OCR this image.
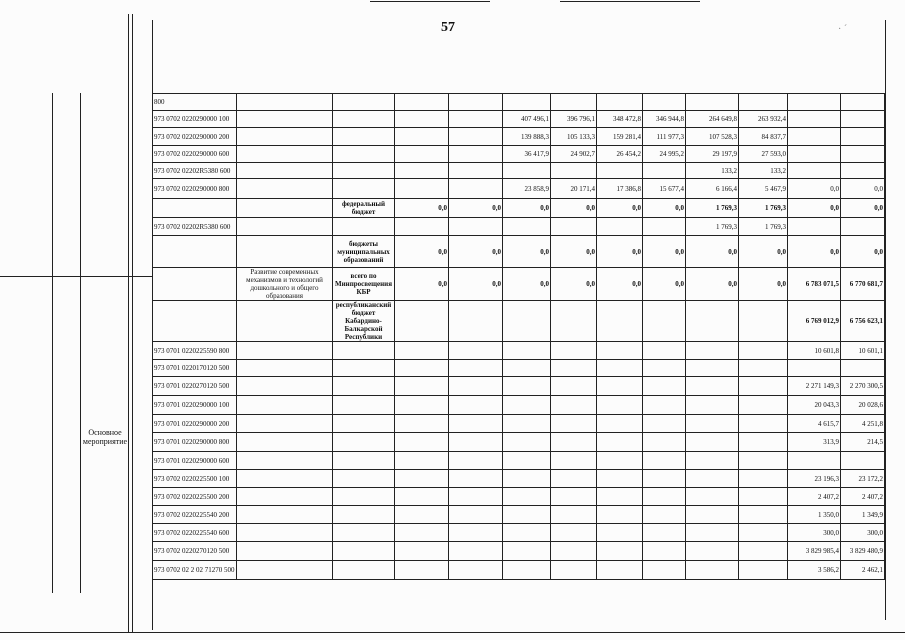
57
Основное мероприятие
· ´
800												
973 0702 0220290000 100					407 496,1	396 796,1	348 472,8	346 944,8	264 649,8	263 932,4		
973 0702 0220290000 200					139 888,3	105 133,3	159 281,4	111 977,3	107 528,3	84 837,7		
973 0702 0220290000 600					36 417,9	24 902,7	26 454,2	24 995,2	29 197,9	27 593,0		
973 0702 02202R5380 600									133,2	133,2		
973 0702 0220290000 800					23 858,9	20 171,4	17 386,8	15 677,4	6 166,4	5 467,9	0,0	0,0
		федеральный бюджет	0,0	0,0	0,0	0,0	0,0	0,0	1 769,3	1 769,3	0,0	0,0
973 0702 02202R5380 600									1 769,3	1 769,3		
		бюджеты муниципальных образований	0,0	0,0	0,0	0,0	0,0	0,0	0,0	0,0	0,0	0,0
	Развитие современных механизмов и технологий дошкольного и общего образования	всего по Минпросвещения КБР	0,0	0,0	0,0	0,0	0,0	0,0	0,0	0,0	6 783 071,5	6 770 681,7
		республиканский бюджет Кабардино-Балкарской Республики									6 769 012,9	6 756 623,1
973 0701 0220225590 800											10 601,8	10 601,1
973 0701 0220170120 500												
973 0701 0220270120 500											2 271 149,3	2 270 300,5
973 0701 0220290000 100											20 043,3	20 028,6
973 0701 0220290000 200											4 615,7	4 251,8
973 0701 0220290000 800											313,9	214,5
973 0701 0220290000 600												
973 0702 0220225500 100											23 196,3	23 172,2
973 0702 0220225500 200											2 407,2	2 407,2
973 0702 0220225540 200											1 350,0	1 349,9
973 0702 0220225540 600											300,0	300,0
973 0702 0220270120 500											3 829 985,4	3 829 480,9
973 0702 02 2 02 71270 500											3 586,2	2 462,1
